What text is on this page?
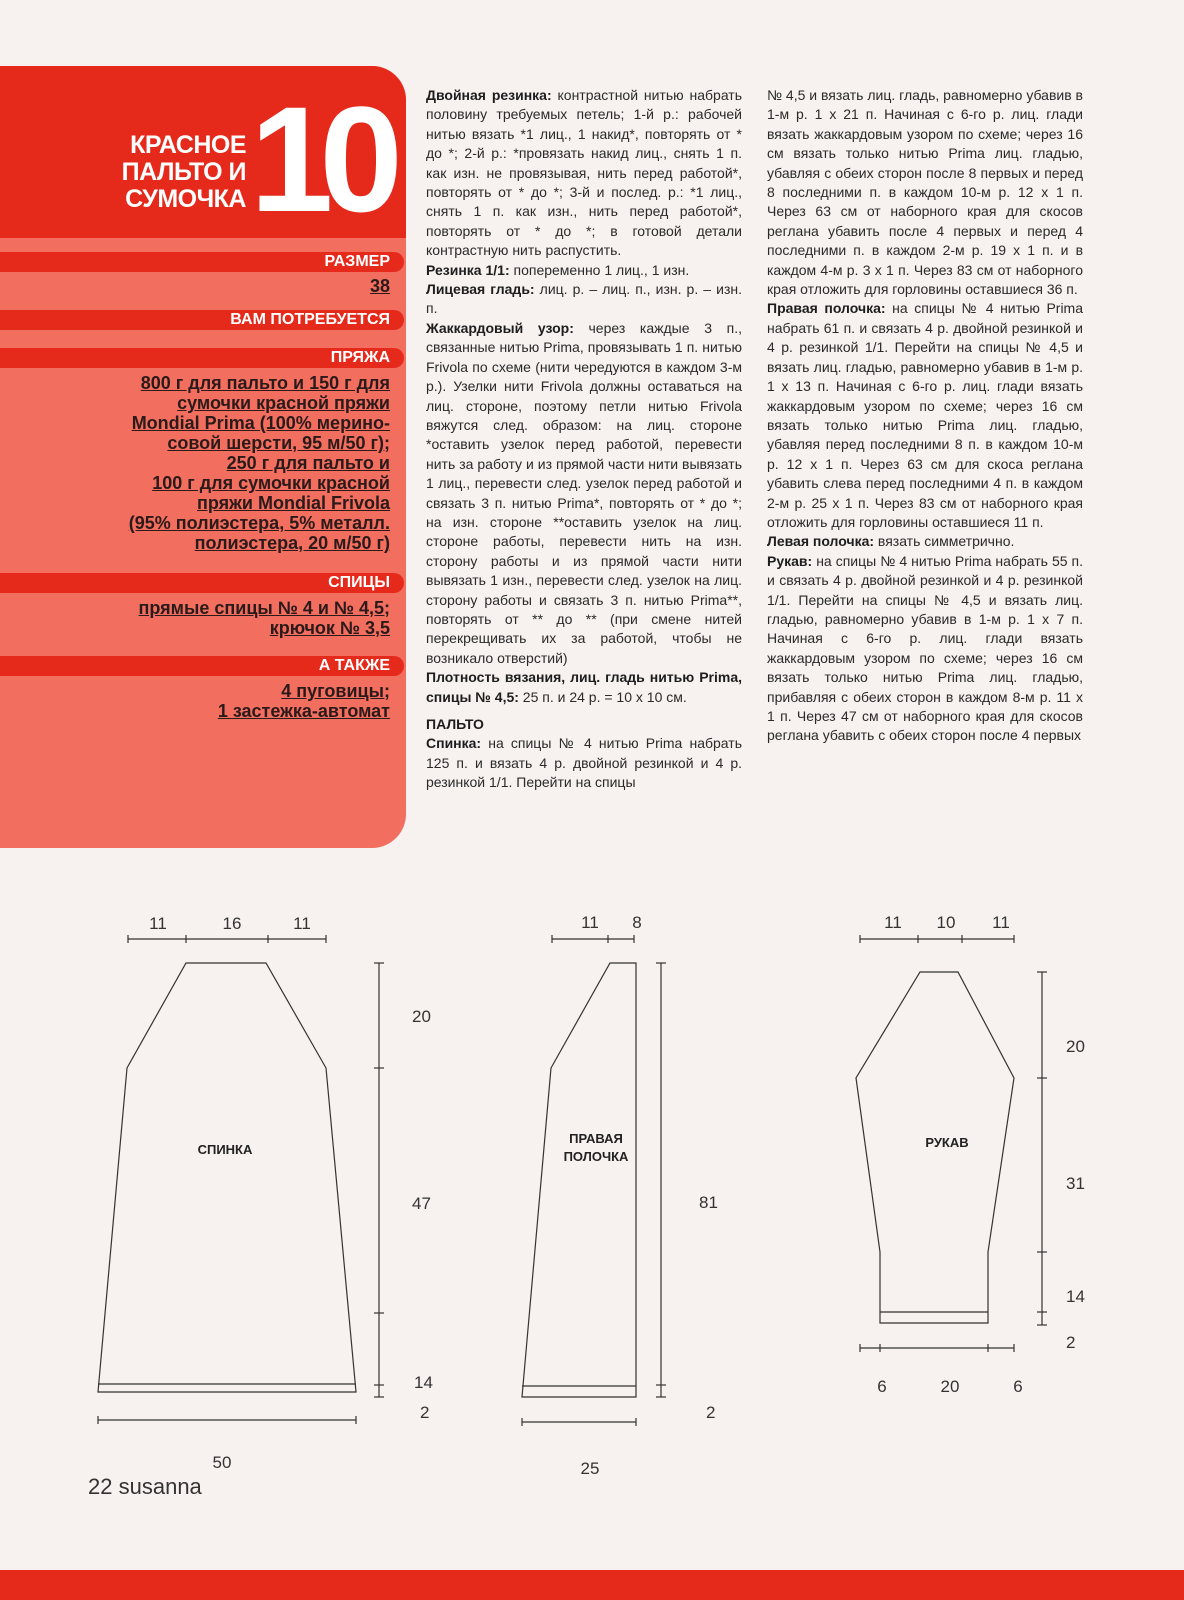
КРАСНОЕ
ПАЛЬТО И
СУМОЧКА 10
РАЗМЕР
38
ВАМ ПОТРЕБУЕТСЯ
ПРЯЖА
800 г для пальто и 150 г для
сумочки красной пряжи
Mondial Prima (100% мерино-
совой шерсти, 95 м/50 г);
250 г для пальто и
100 г для сумочки красной
пряжи Mondial Frivola
(95% полиэстера, 5% металл.
полиэстера, 20 м/50 г)
СПИЦЫ
прямые спицы № 4 и № 4,5;
крючок № 3,5
А ТАКЖЕ
4 пуговицы;
1 застежка-автомат

Двойная резинка: контрастной нитью набрать половину требуемых петель; 1-й р.: рабочей нитью вязать *1 лиц., 1 накид*, повторять от * до *; 2-й р.: *провязать накид лиц., снять 1 п. как изн. не провязывая, нить перед работой*, повторять от * до *; 3-й и послед. р.: *1 лиц., снять 1 п. как изн., нить перед работой*, повторять от * до *; в готовой детали контрастную нить распустить.

Резинка 1/1: попеременно 1 лиц., 1 изн.

Лицевая гладь: лиц. р. – лиц. п., изн. р. – изн. п.

Жаккардовый узор: через каждые 3 п., связанные нитью Prima, провязывать 1 п. нитью Frivola по схеме (нити чередуются в каждом 3-м р.). Узелки нити Frivola должны оставаться на лиц. стороне, поэтому петли нитью Frivola вяжутся след. образом: на лиц. стороне *оставить узелок перед работой, перевести нить за работу и из прямой части нити вывязать 1 лиц., перевести след. узелок перед работой и связать 3 п. нитью Prima*, повторять от * до *; на изн. стороне **оставить узелок на лиц. стороне работы, перевести нить на изн. сторону работы и из прямой части нити вывязать 1 изн., перевести след. узелок на лиц. сторону работы и связать 3 п. нитью Prima**, повторять от ** до ** (при смене нитей перекрещивать их за работой, чтобы не возникало отверстий)

Плотность вязания, лиц. гладь нитью Prima, спицы № 4,5: 25 п. и 24 р. = 10 х 10 см.

ПАЛЬТО

Спинка: на спицы № 4 нитью Prima набрать 125 п. и вязать 4 р. двойной резинкой и 4 р. резинкой 1/1. Перейти на спицы

№ 4,5 и вязать лиц. гладь, равномерно убавив в 1-м р. 1 х 21 п. Начиная с 6-го р. лиц. глади вязать жаккардовым узором по схеме; через 16 см вязать только нитью Prima лиц. гладью, убавляя с обеих сторон после 8 первых и перед 8 последними п. в каждом 10-м р. 12 х 1 п. Через 63 см от наборного края для скосов реглана убавить после 4 первых и перед 4 последними п. в каждом 2-м р. 19 х 1 п. и в каждом 4-м р. 3 х 1 п. Через 83 см от наборного края отложить для горловины оставшиеся 36 п.

Правая полочка: на спицы № 4 нитью Prima набрать 61 п. и связать 4 р. двойной резинкой и 4 р. резинкой 1/1. Перейти на спицы № 4,5 и вязать лиц. гладью, равномерно убавив в 1-м р. 1 х 13 п. Начиная с 6-го р. лиц. глади вязать жаккардовым узором по схеме; через 16 см вязать только нитью Prima лиц. гладью, убавляя перед последними 8 п. в каждом 10-м р. 12 х 1 п. Через 63 см для скоса реглана убавить слева перед последними 4 п. в каждом 2-м р. 25 х 1 п. Через 83 см от наборного края отложить для горловины оставшиеся 11 п.

Левая полочка: вязать симметрично.

Рукав: на спицы № 4 нитью Prima набрать 55 п. и связать 4 р. двойной резинкой и 4 р. резинкой 1/1. Перейти на спицы № 4,5 и вязать лиц. гладью, равномерно убавив в 1-м р. 1 х 7 п. Начиная с 6-го р. лиц. глади вязать жаккардовым узором по схеме; через 16 см вязать только нитью Prima лиц. гладью, прибавляя с обеих сторон в каждом 8-м р. 11 х 1 п. Через 47 см от наборного края для скосов реглана убавить с обеих сторон после 4 первых

СПИНКА
11	16	11
20
47
14
2
50
ПРАВАЯ
ПОЛОЧКА
11 8
81
2
25
РУКАВ
11 10 11
20
31
14
2
6	20	6
22 susanna
